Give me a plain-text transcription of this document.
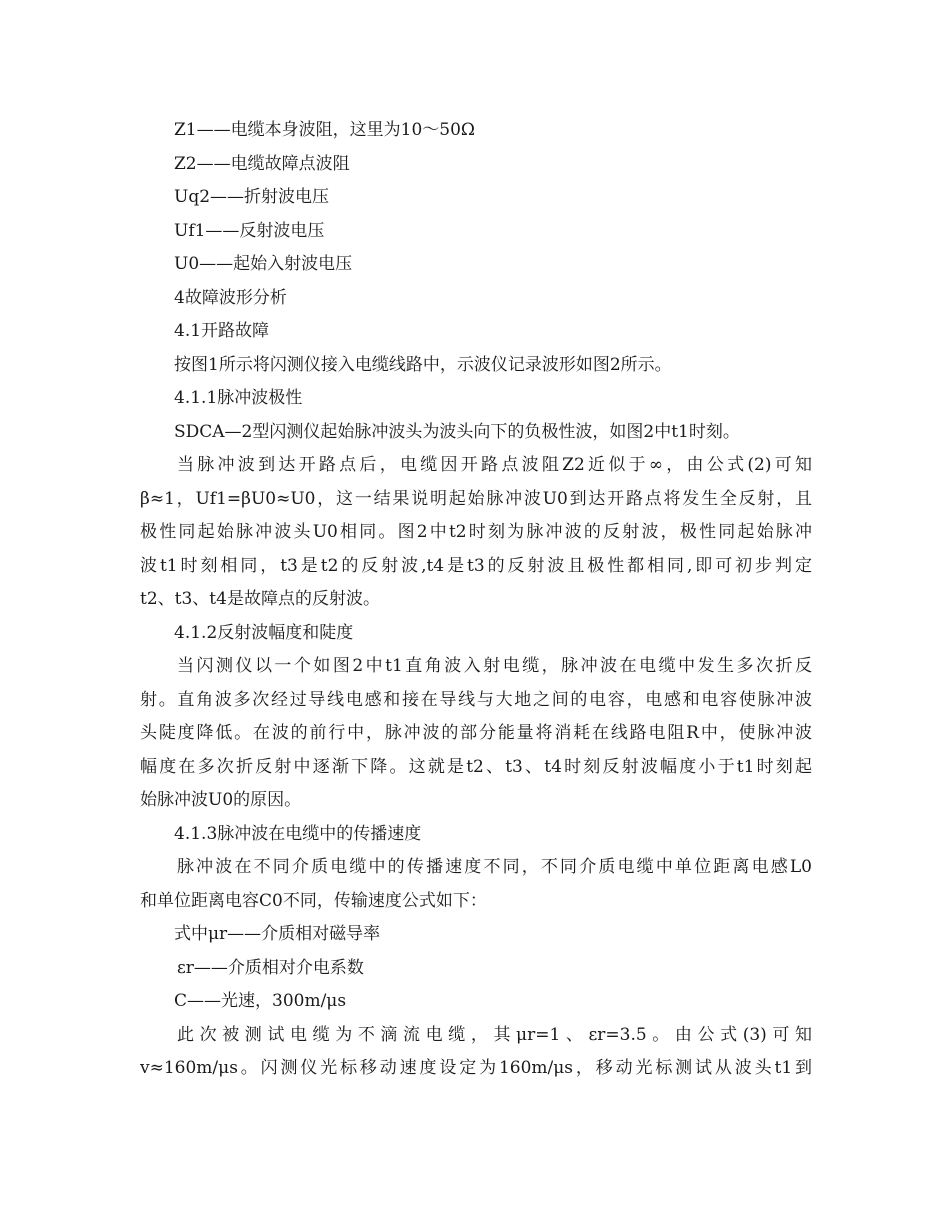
Z1——电缆本身波阻，这里为10～50Ω

Z2——电缆故障点波阻

Uq2——折射波电压

Uf1——反射波电压

U0——起始入射波电压

4故障波形分析

4.1开路故障

按图1所示将闪测仪接入电缆线路中，示波仪记录波形如图2所示。

4.1.1脉冲波极性

SDCA—2型闪测仪起始脉冲波头为波头向下的负极性波，如图2中t1时刻。

当脉冲波到达开路点后，电缆因开路点波阻Z2近似于∞，由公式(2)可知
β≈1，Uf1=βU0≈U0，这一结果说明起始脉冲波U0到达开路点将发生全反射，且
极性同起始脉冲波头U0相同。图2中t2时刻为脉冲波的反射波，极性同起始脉冲
波t1时刻相同，t3是t2的反射波,t4是t3的反射波且极性都相同,即可初步判定
t2、t3、t4是故障点的反射波。

4.1.2反射波幅度和陡度

当闪测仪以一个如图2中t1直角波入射电缆，脉冲波在电缆中发生多次折反
射。直角波多次经过导线电感和接在导线与大地之间的电容，电感和电容使脉冲波
头陡度降低。在波的前行中，脉冲波的部分能量将消耗在线路电阻R中，使脉冲波
幅度在多次折反射中逐渐下降。这就是t2、t3、t4时刻反射波幅度小于t1时刻起
始脉冲波U0的原因。

4.1.3脉冲波在电缆中的传播速度

脉冲波在不同介质电缆中的传播速度不同，不同介质电缆中单位距离电感L0
和单位距离电容C0不同，传输速度公式如下：

式中μr——介质相对磁导率

εr——介质相对介电系数

C——光速，300m/μs

此次被测试电缆为不滴流电缆，其μr=1、εr=3.5。由公式(3)可知
v≈160m/μs。闪测仪光标移动速度设定为160m/μs，移动光标测试从波头t1到
